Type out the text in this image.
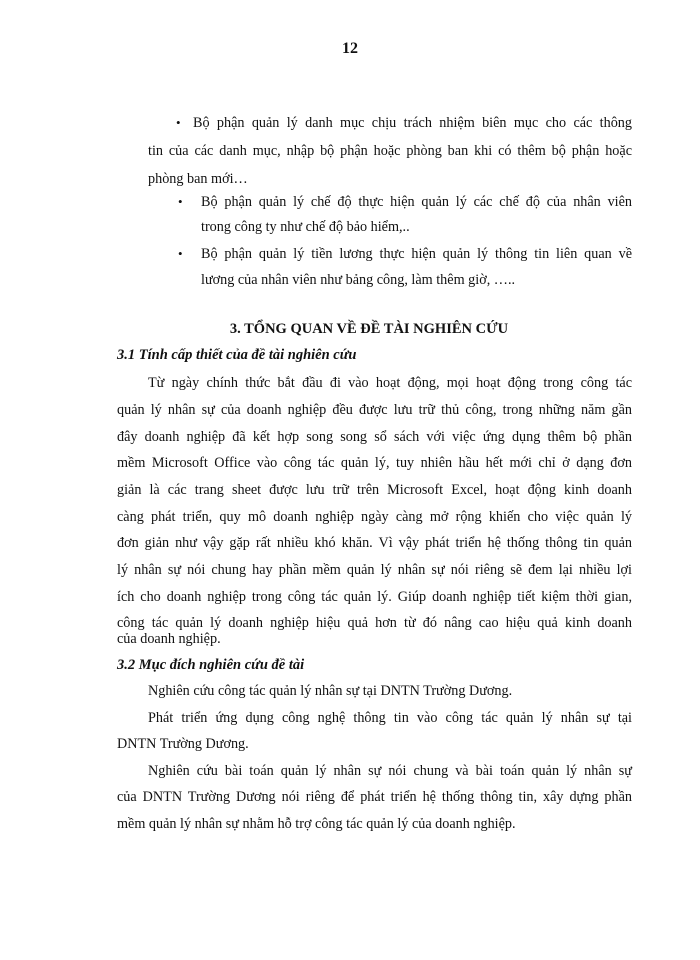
12
• Bộ phận quản lý danh mục chịu trách nhiệm biên mục cho các thông
tin của các danh mục, nhập bộ phận hoặc phòng ban khi có thêm bộ phận hoặc
phòng ban mới…
• Bộ phận quản lý chế độ thực hiện quản lý các chế độ của nhân viên
trong công ty như chế độ bảo hiểm,..
• Bộ phận quản lý tiền lương thực hiện quản lý thông tin liên quan về
lương của nhân viên như bảng công, làm thêm giờ, …..
3. TỔNG QUAN VỀ ĐỀ TÀI NGHIÊN CỨU
3.1 Tính cấp thiết của đề tài nghiên cứu
Từ ngày chính thức bắt đầu đi vào hoạt động, mọi hoạt động trong công tác
quản lý nhân sự của doanh nghiệp đều được lưu trữ thủ công, trong những năm gần
đây doanh nghiệp đã kết hợp song song sổ sách với việc ứng dụng thêm bộ phần
mềm Microsoft Office vào công tác quản lý, tuy nhiên hầu hết mới chỉ ở dạng đơn
giản là các trang sheet được lưu trữ trên Microsoft Excel, hoạt động kinh doanh
càng phát triển, quy mô doanh nghiệp ngày càng mở rộng khiến cho việc quản lý
đơn giản như vậy gặp rất nhiều khó khăn. Vì vậy phát triển hệ thống thông tin quản
lý nhân sự nói chung hay phần mềm quản lý nhân sự nói riêng sẽ đem lại nhiều lợi
ích cho doanh nghiệp trong công tác quản lý. Giúp doanh nghiệp tiết kiệm thời gian,
công tác quản lý doanh nghiệp hiệu quả hơn từ đó nâng cao hiệu quả kinh doanh
của doanh nghiệp.
3.2 Mục đích nghiên cứu đề tài
Nghiên cứu công tác quản lý nhân sự tại DNTN Trường Dương.
Phát triển ứng dụng công nghệ thông tin vào công tác quản lý nhân sự tại
DNTN Trường Dương.
Nghiên cứu bài toán quản lý nhân sự nói chung và bài toán quản lý nhân sự
của DNTN Trường Dương nói riêng để phát triển hệ thống thông tin, xây dựng phần
mềm quản lý nhân sự nhằm hỗ trợ công tác quản lý của doanh nghiệp.
